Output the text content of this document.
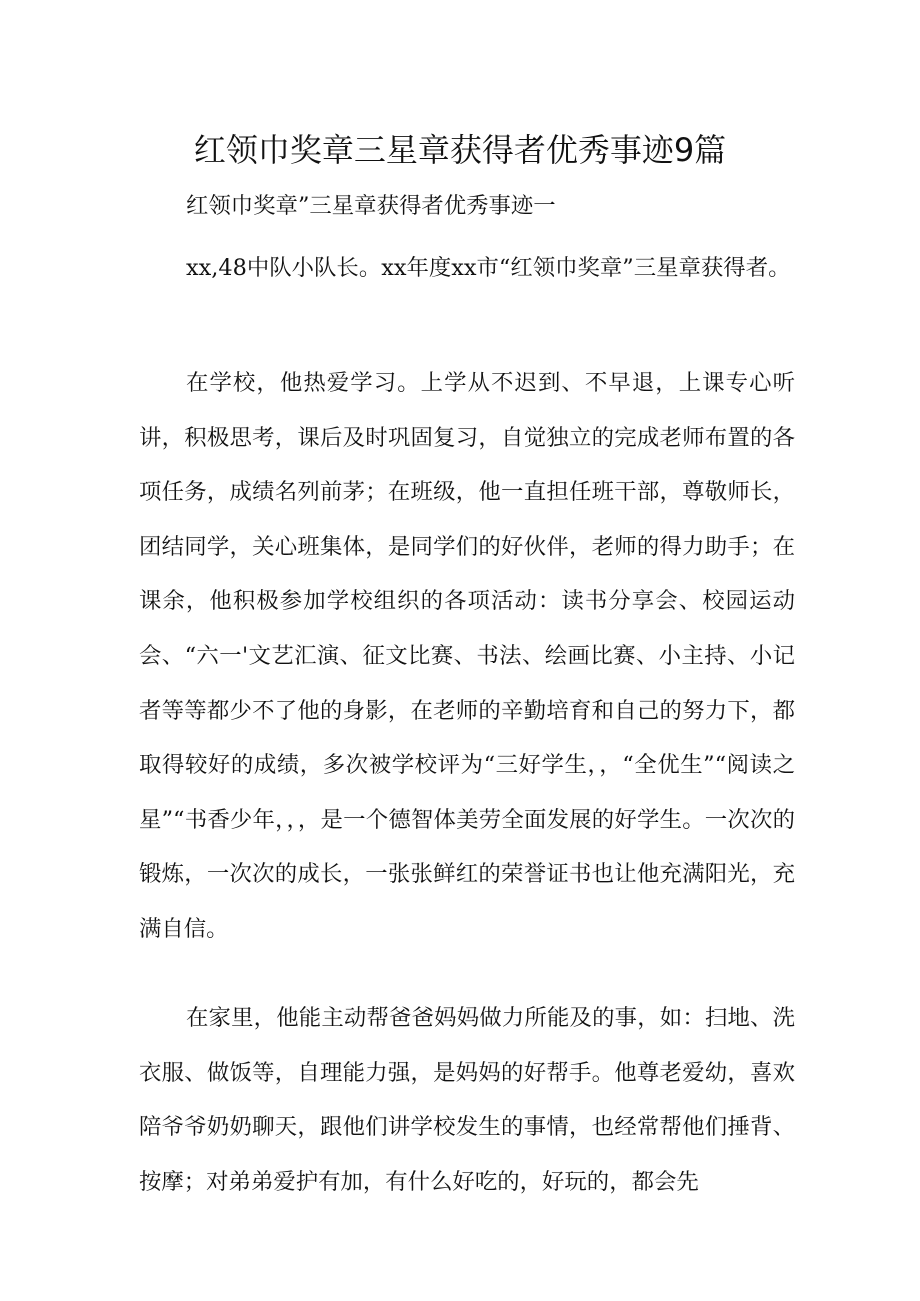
红领巾奖章三星章获得者优秀事迹9篇

红领巾奖章”三星章获得者优秀事迹一

xx,48中队小队长。xx年度xx市“红领巾奖章”三星章获得者。

在学校，他热爱学习。上学从不迟到、不早退，上课专心听讲，积极思考，课后及时巩固复习，自觉独立的完成老师布置的各项任务，成绩名列前茅；在班级，他一直担任班干部，尊敬师长，团结同学，关心班集体，是同学们的好伙伴，老师的得力助手；在课余，他积极参加学校组织的各项活动：读书分享会、校园运动会、“六一'文艺汇演、征文比赛、书法、绘画比赛、小主持、小记者等等都少不了他的身影，在老师的辛勤培育和自己的努力下，都取得较好的成绩，多次被学校评为“三好学生，，“全优生”“阅读之星”“书香少年，，，是一个德智体美劳全面发展的好学生。一次次的锻炼，一次次的成长，一张张鲜红的荣誉证书也让他充满阳光，充满自信。

在家里，他能主动帮爸爸妈妈做力所能及的事，如：扫地、洗衣服、做饭等，自理能力强，是妈妈的好帮手。他尊老爱幼，喜欢陪爷爷奶奶聊天，跟他们讲学校发生的事情，也经常帮他们捶背、按摩；对弟弟爱护有加，有什么好吃的，好玩的，都会先
